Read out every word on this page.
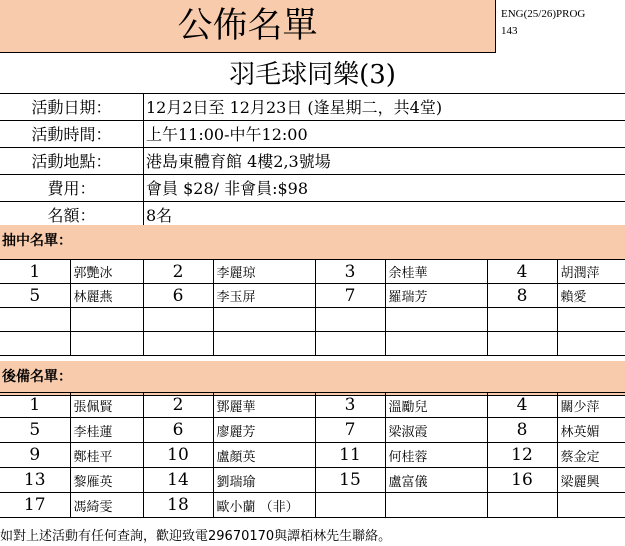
公佈名單	ENG(25/26)PROG
143
羽毛球同樂(3)
活動日期：	12月2日至 12月23日 (逢星期二，共4堂)
活動時間：	上午11:00-中午12:00
活動地點：	港島東體育館 4樓2,3號場
費用：	會員 $28/ 非會員:$98
名額：	8名
抽中名單：
1	郭艷冰	2	李麗琼	3	余桂華	4	胡潤萍
5	林麗燕	6	李玉屏	7	羅瑞芳	8	賴愛

後備名單：
1	張佩賢	2	鄧麗華	3	溫勵兒	4	關少萍
5	李桂蓮	6	廖麗芳	7	梁淑霞	8	林英媚
9	鄭桂平	10	盧顏英	11	何桂蓉	12	蔡金定
13	黎雁英	14	劉瑞瑜	15	盧富儀	16	梁麗興
17	馮綺雯	18	歐小蘭 （非）				
如對上述活動有任何查詢，歡迎致電29670170與譚栢林先生聯絡。
